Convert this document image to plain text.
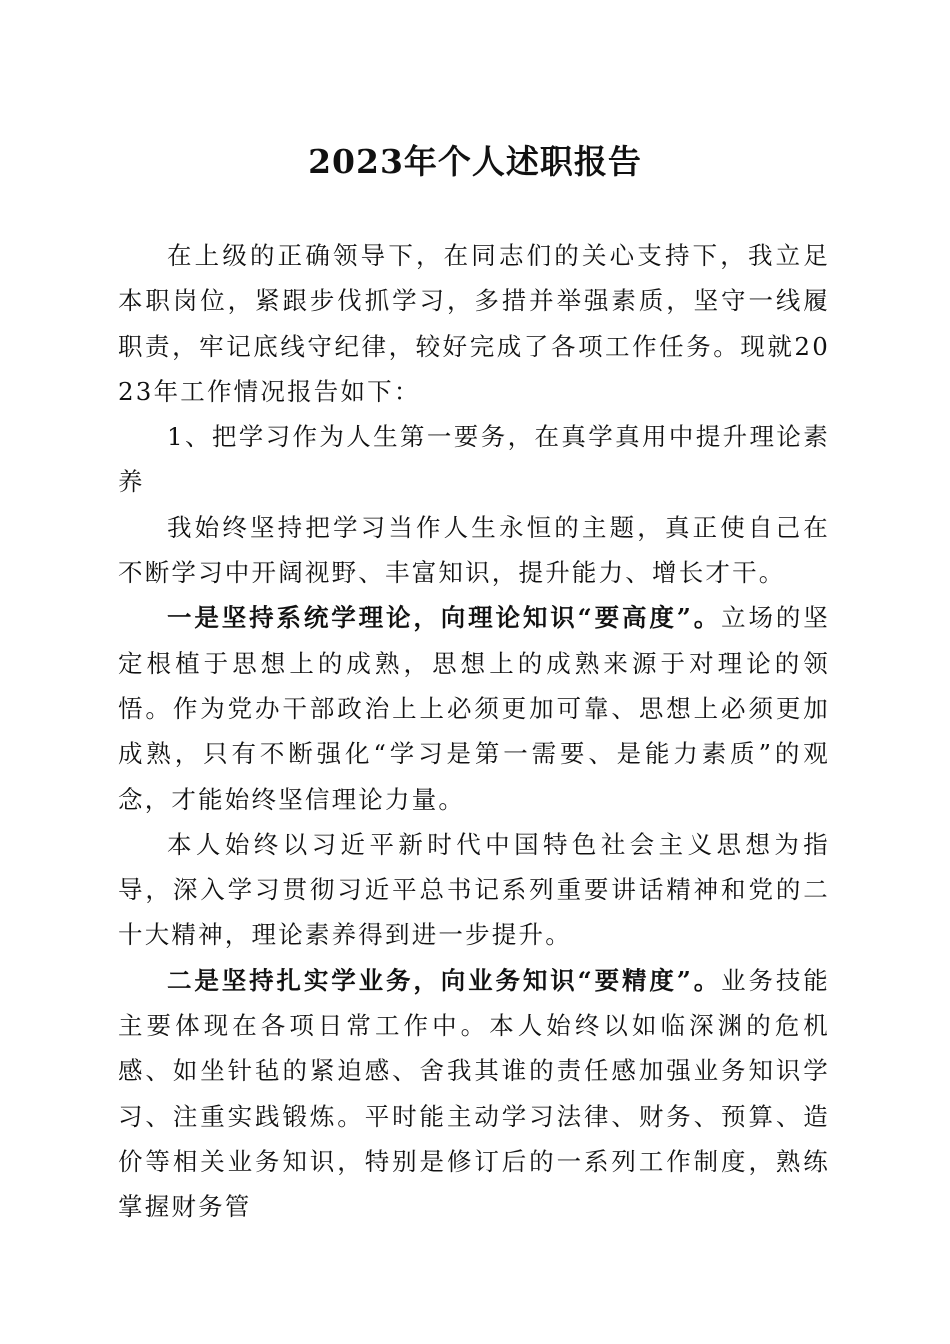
2023年个人述职报告

在上级的正确领导下，在同志们的关心支持下，我立足本职岗位，紧跟步伐抓学习，多措并举强素质，坚守一线履职责，牢记底线守纪律，较好完成了各项工作任务。现就2023年工作情况报告如下：

1、把学习作为人生第一要务，在真学真用中提升理论素养

我始终坚持把学习当作人生永恒的主题，真正使自己在不断学习中开阔视野、丰富知识，提升能力、增长才干。

一是坚持系统学理论，向理论知识“要高度”。立场的坚定根植于思想上的成熟，思想上的成熟来源于对理论的领悟。作为党办干部政治上上必须更加可靠、思想上必须更加成熟，只有不断强化“学习是第一需要、是能力素质”的观念，才能始终坚信理论力量。

本人始终以习近平新时代中国特色社会主义思想为指导，深入学习贯彻习近平总书记系列重要讲话精神和党的二十大精神，理论素养得到进一步提升。

二是坚持扎实学业务，向业务知识“要精度”。业务技能主要体现在各项日常工作中。本人始终以如临深渊的危机感、如坐针毡的紧迫感、舍我其谁的责任感加强业务知识学习、注重实践锻炼。平时能主动学习法律、财务、预算、造价等相关业务知识，特别是修订后的一系列工作制度，熟练掌握财务管
